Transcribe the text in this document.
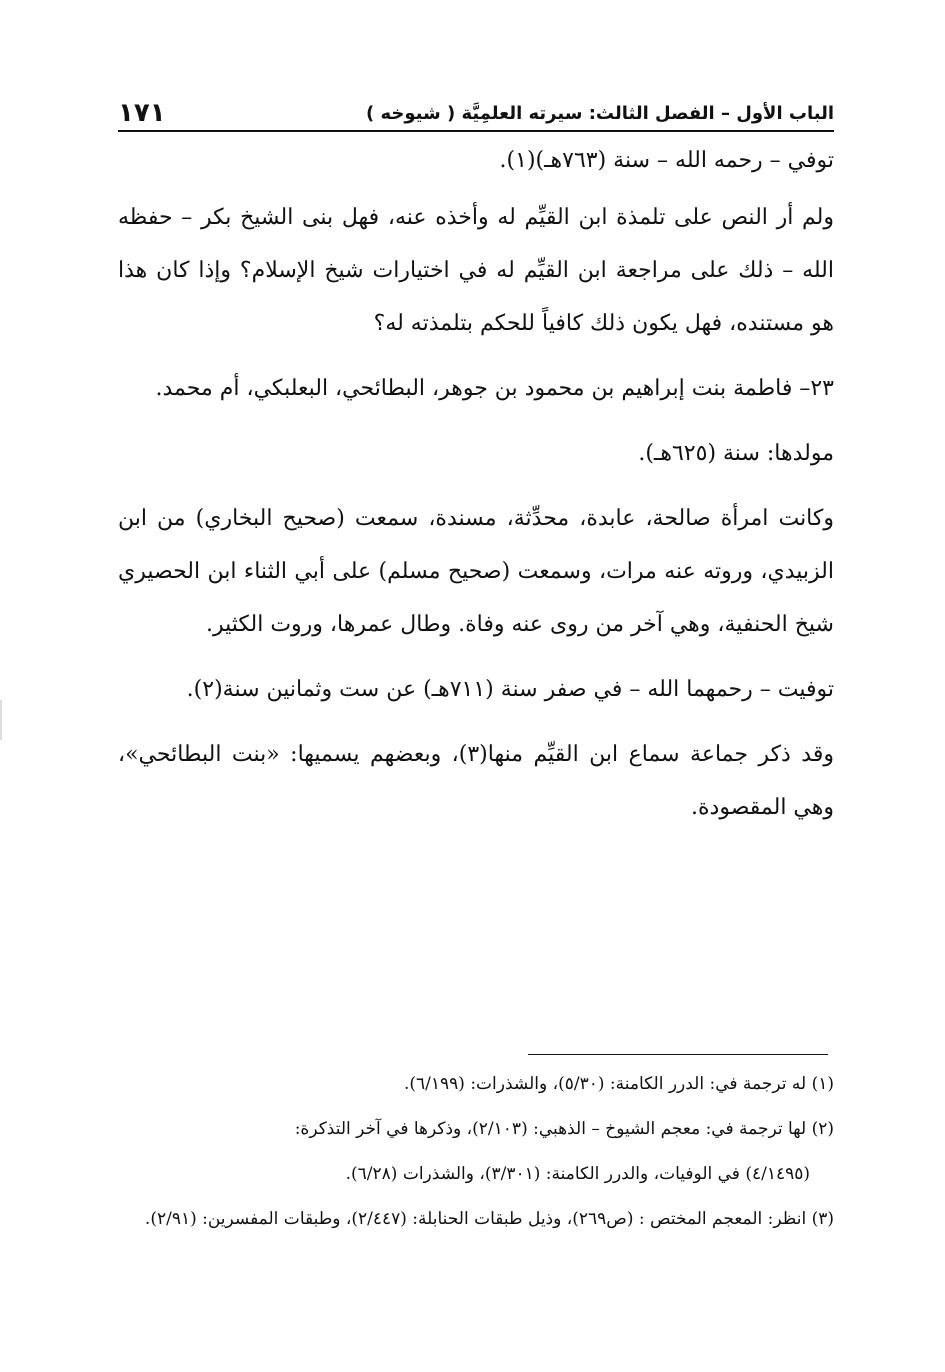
١٧١	الباب الأول – الفصل الثالث: سيرته العلمِيَّة ( شيوخه )

توفي – رحمه الله – سنة (٧٦٣هـ)(١).

ولم أر النص على تلمذة ابن القيِّم له وأخذه عنه، فهل بنى الشيخ بكر – حفظه الله – ذلك على مراجعة ابن القيِّم له في اختيارات شيخ الإسلام؟ وإذا كان هذا هو مستنده، فهل يكون ذلك كافياً للحكم بتلمذته له؟

٢٣– فاطمة بنت إبراهيم بن محمود بن جوهر، البطائحي، البعلبكي، أم محمد.

مولدها: سنة (٦٢٥هـ).

وكانت امرأة صالحة، عابدة، محدِّثة، مسندة، سمعت (صحيح البخاري) من ابن الزبيدي، وروته عنه مرات، وسمعت (صحيح مسلم) على أبي الثناء ابن الحصيري شيخ الحنفية، وهي آخر من روى عنه وفاة. وطال عمرها، وروت الكثير.

توفيت – رحمهما الله – في صفر سنة (٧١١هـ) عن ست وثمانين سنة(٢).

وقد ذكر جماعة سماع ابن القيِّم منها(٣)، وبعضهم يسميها: «بنت البطائحي»، وهي المقصودة.

(١) له ترجمة في: الدرر الكامنة: (٥/٣٠)، والشذرات: (٦/١٩٩).

(٢) لها ترجمة في: معجم الشيوخ – الذهبي: (٢/١٠٣)، وذكرها في آخر التذكرة:

(٤/١٤٩٥) في الوفيات، والدرر الكامنة: (٣/٣٠١)، والشذرات (٦/٢٨).

(٣) انظر: المعجم المختص : (ص٢٦٩)، وذيل طبقات الحنابلة: (٢/٤٤٧)، وطبقات المفسرين: (٢/٩١).
